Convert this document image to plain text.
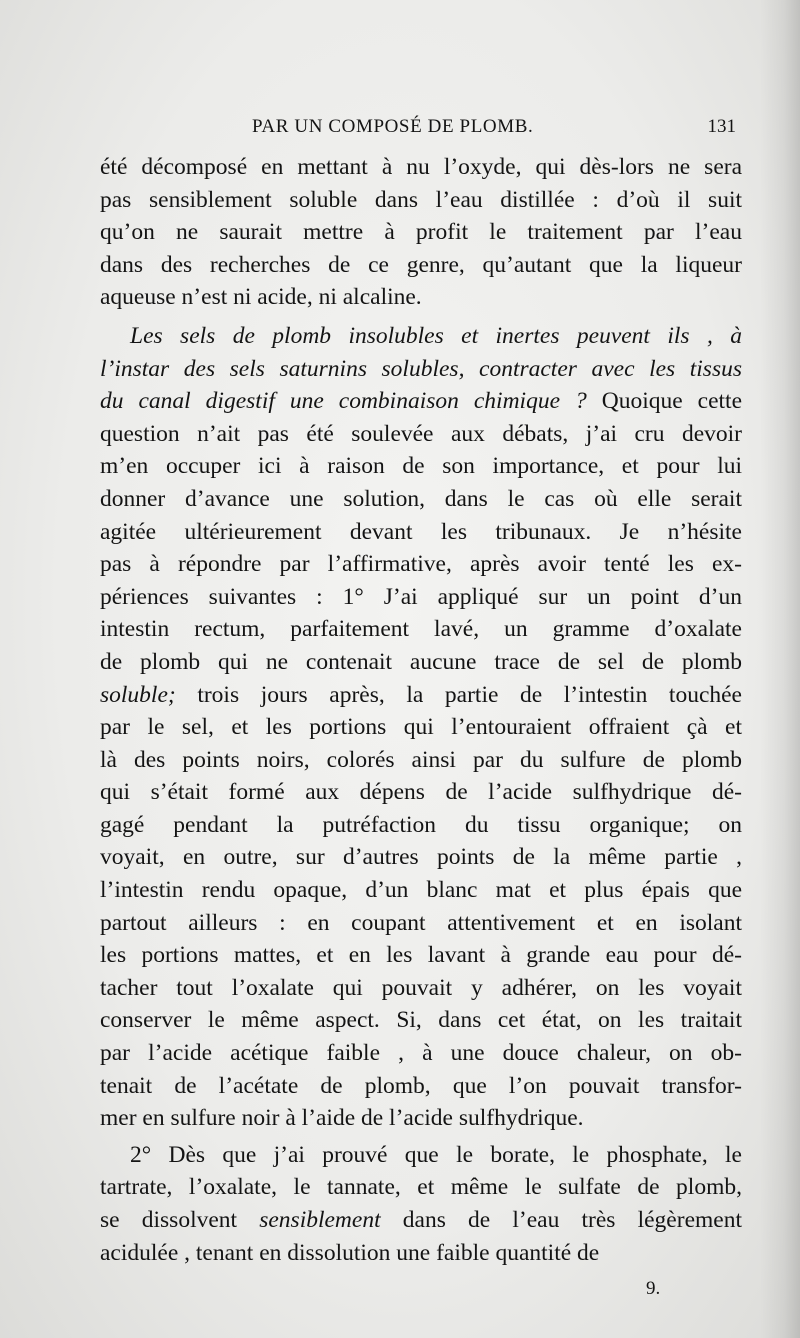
PAR UN COMPOSÉ DE PLOMB.	131
été décomposé en mettant à nu l’oxyde, qui dès-lors ne sera
pas sensiblement soluble dans l’eau distillée : d’où il suit
qu’on ne saurait mettre à profit le traitement par l’eau
dans des recherches de ce genre, qu’autant que la liqueur
aqueuse n’est ni acide, ni alcaline.
Les sels de plomb insolubles et inertes peuvent ils , à
l’instar des sels saturnins solubles, contracter avec les tissus
du canal digestif une combinaison chimique ? Quoique cette
question n’ait pas été soulevée aux débats, j’ai cru devoir
m’en occuper ici à raison de son importance, et pour lui
donner d’avance une solution, dans le cas où elle serait
agitée ultérieurement devant les tribunaux. Je n’hésite
pas à répondre par l’affirmative, après avoir tenté les ex-
périences suivantes : 1° J’ai appliqué sur un point d’un
intestin rectum, parfaitement lavé, un gramme d’oxalate
de plomb qui ne contenait aucune trace de sel de plomb
soluble; trois jours après, la partie de l’intestin touchée
par le sel, et les portions qui l’entouraient offraient çà et
là des points noirs, colorés ainsi par du sulfure de plomb
qui s’était formé aux dépens de l’acide sulfhydrique dé-
gagé pendant la putréfaction du tissu organique; on
voyait, en outre, sur d’autres points de la même partie ,
l’intestin rendu opaque, d’un blanc mat et plus épais que
partout ailleurs : en coupant attentivement et en isolant
les portions mattes, et en les lavant à grande eau pour dé-
tacher tout l’oxalate qui pouvait y adhérer, on les voyait
conserver le même aspect. Si, dans cet état, on les traitait
par l’acide acétique faible , à une douce chaleur, on ob-
tenait de l’acétate de plomb, que l’on pouvait transfor-
mer en sulfure noir à l’aide de l’acide sulfhydrique.
2° Dès que j’ai prouvé que le borate, le phosphate, le
tartrate, l’oxalate, le tannate, et même le sulfate de plomb,
se dissolvent sensiblement dans de l’eau très légèrement
acidulée , tenant en dissolution une faible quantité de
9.
